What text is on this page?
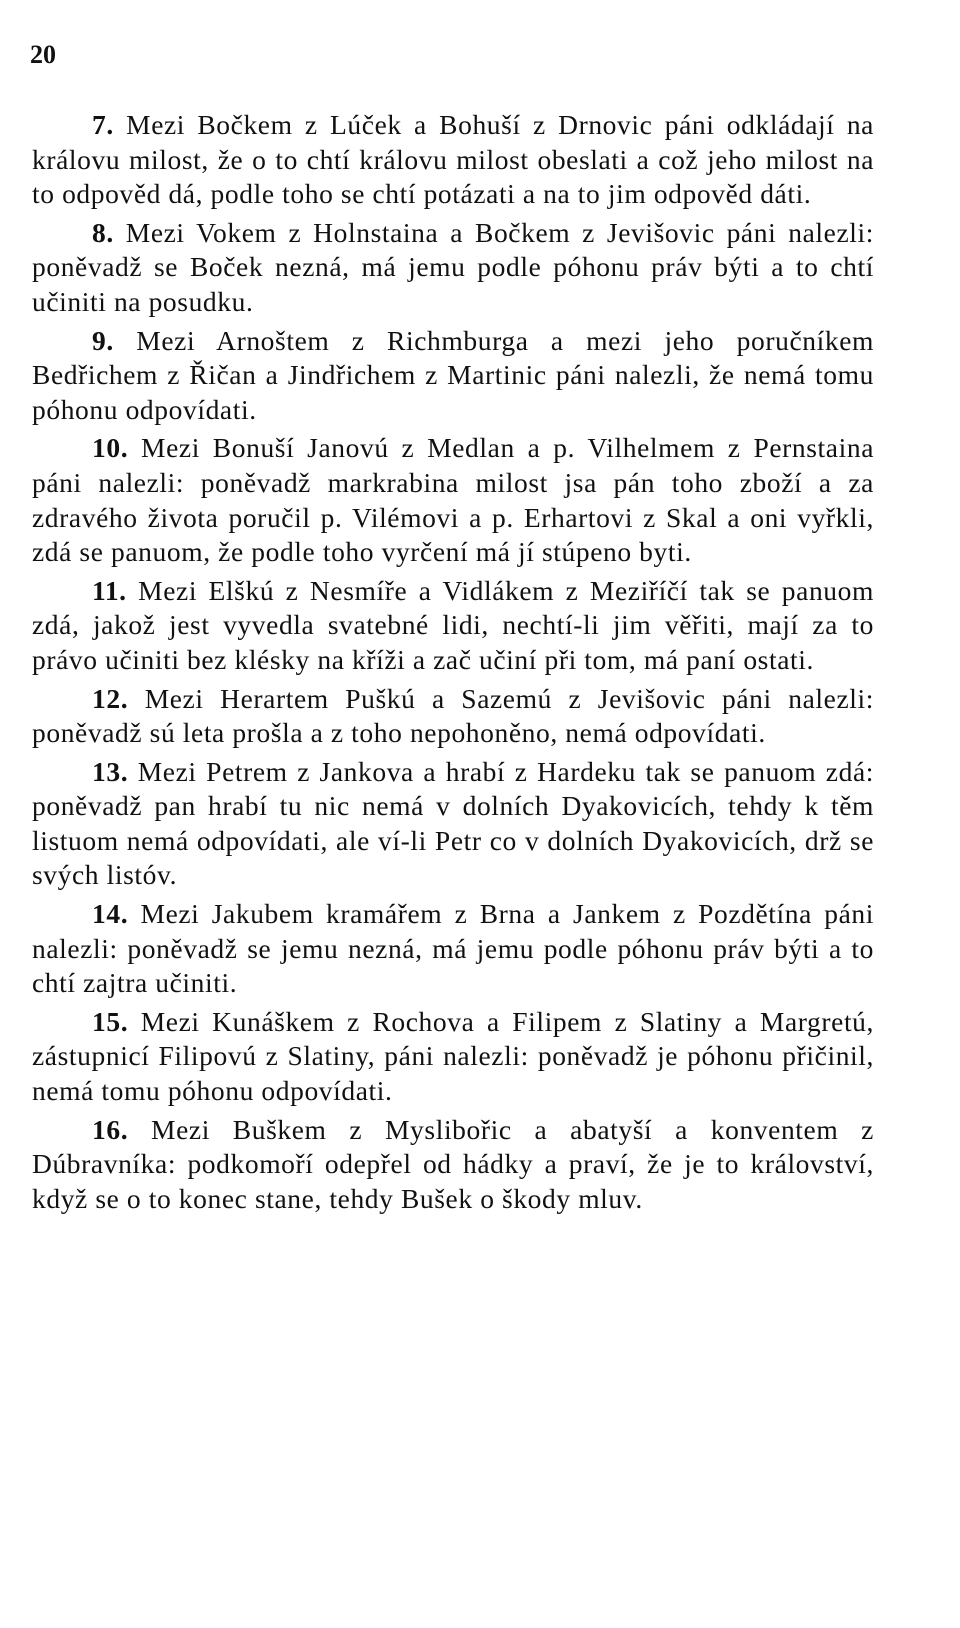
20

7. Mezi Bočkem z Lúček a Bohuší z Drnovic páni odkládají na královu milost, že o to chtí královu milost obeslati a což jeho milost na to odpověd dá, podle toho se chtí potázati a na to jim odpověd dáti.

8. Mezi Vokem z Holnstaina a Bočkem z Jevišovic páni nalezli: poněvadž se Boček nezná, má jemu podle póhonu práv býti a to chtí učiniti na posudku.

9. Mezi Arnoštem z Richmburga a mezi jeho poručníkem Bedřichem z Řičan a Jindřichem z Martinic páni nalezli, že nemá tomu póhonu odpovídati.

10. Mezi Bonuší Janovú z Medlan a p. Vilhelmem z Pernstaina páni nalezli: poněvadž markrabina milost jsa pán toho zboží a za zdravého života poručil p. Vilémovi a p. Erhartovi z Skal a oni vyřkli, zdá se panuom, že podle toho vyrčení má jí stúpeno byti.

11. Mezi Elškú z Nesmíře a Vidlákem z Meziříčí tak se panuom zdá, jakož jest vyvedla svatebné lidi, nechtí-li jim věřiti, mají za to právo učiniti bez klésky na kříži a zač učiní při tom, má paní ostati.

12. Mezi Herartem Puškú a Sazemú z Jevišovic páni nalezli: poněvadž sú leta prošla a z toho nepohoněno, nemá odpovídati.

13. Mezi Petrem z Jankova a hrabí z Hardeku tak se panuom zdá: poněvadž pan hrabí tu nic nemá v dolních Dyakovicích, tehdy k těm listuom nemá odpovídati, ale ví-li Petr co v dolních Dyakovicích, drž se svých listóv.

14. Mezi Jakubem kramářem z Brna a Jankem z Pozdětína páni nalezli: poněvadž se jemu nezná, má jemu podle póhonu práv býti a to chtí zajtra učiniti.

15. Mezi Kunáškem z Rochova a Filipem z Slatiny a Margretú, zástupnicí Filipovú z Slatiny, páni nalezli: poněvadž je póhonu přičinil, nemá tomu póhonu odpovídati.

16. Mezi Buškem z Myslibořic a abatyší a konventem z Dúbravníka: podkomoří odepřel od hádky a praví, že je to království, když se o to konec stane, tehdy Bušek o škody mluv.
